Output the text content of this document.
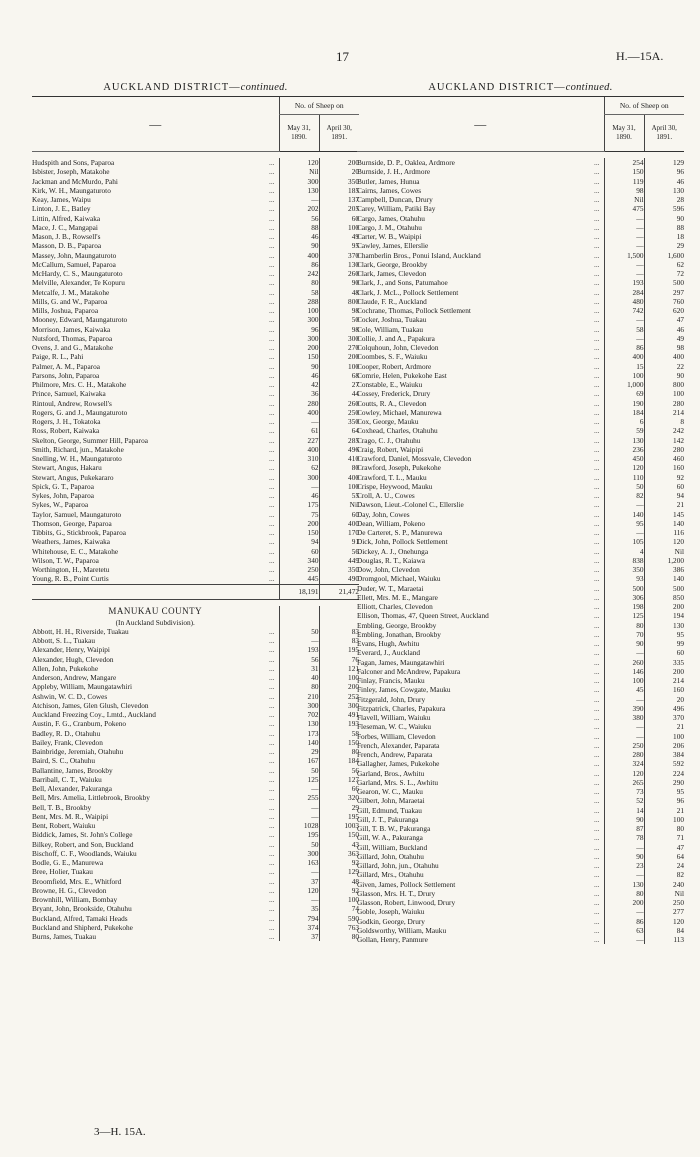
17	H.—15A.
AUCKLAND DISTRICT—continued.
—		No. of Sheep on	

		May 31,
1890.	April 30,
1891.

Hudspith and Sons, Paparoa	...	120	200
Isbister, Joseph, Matakohe	...	Nil	20
Jackman and McMurdo, Pahi	...	300	350
Kirk, W. H., Maungaturoto	...	130	185
Keay, James, Waipu	...	—	137
Linton, J. E., Batley	...	202	205
Littin, Alfred, Kaiwaka	...	56	60
Mace, J. C., Mangapai	...	88	100
Mason, J. B., Rowsell's	...	46	49
Masson, D. B., Paparoa	...	90	95
Massey, John, Maungaturoto	...	400	370
McCallum, Samuel, Paparoa	...	86	130
McHardy, C. S., Maungaturoto	...	242	260
Melville, Alexander, Te Kopuru	...	80	90
Metcalfe, J. M., Matakohe	...	58	48
Mills, G. and W., Paparoa	...	288	800
Mills, Joshua, Paparoa	...	100	98
Mooney, Edward, Maungaturoto	...	300	50
Morrison, James, Kaiwaka	...	96	98
Nutsford, Thomas, Paparoa	...	300	300
Ovens, J. and G., Matakohe	...	200	270
Paige, R. L., Pahi	...	150	200
Palmer, A. M., Paparoa	...	90	100
Parsons, John, Paparoa	...	46	68
Philmore, Mrs. C. H., Matakohe	...	42	27
Prince, Samuel, Kaiwaka	...	36	44
Rintoul, Andrew, Rowsell's	...	280	260
Rogers, G. and J., Maungaturoto	...	400	250
Rogers, J. H., Tokatoka	...	—	350
Ross, Robert, Kaiwaka	...	61	64
Skelton, George, Summer Hill, Paparoa	...	227	285
Smith, Richard, jun., Matakohe	...	400	496
Snelling, W. H., Maungaturoto	...	310	410
Stewart, Angus, Hakaru	...	62	80
Stewart, Angus, Pukekararo	...	300	400
Spick, G. T., Paparoa	...	—	100
Sykes, John, Paparoa	...	46	55
Sykes, W., Paparoa	...	175	Nil
Taylor, Samuel, Maungaturoto	...	75	60
Thomson, George, Paparoa	...	200	400
Tibbits, G., Stickbrook, Paparoa	...	150	170
Weathers, James, Kaiwaka	...	94	91
Whitehouse, E. C., Matakohe	...	60	56
Wilson, T. W., Paparoa	...	340	449
Worthington, H., Maretetu	...	250	350
Young, R. B., Point Curtis	...	445	490
		18,191	21,472

MANUKAU COUNTY			
(In Auckland Subdivision).			
Abbott, H. H., Riverside, Tuakau	...	50	83
Abbott, S. L., Tuakau	...	—	83
Alexander, Henry, Waipipi	...	193	195
Alexander, Hugh, Clevedon	...	56	76
Allen, John, Pukekohe	...	31	121
Anderson, Andrew, Mangare	...	40	100
Appleby, William, Maungatawhiri	...	80	200
Ashwin, W. C. D., Cowes	...	210	252
Atchison, James, Glen Glush, Clevedon	...	300	300
Auckland Freezing Coy., Lmtd., Auckland	...	702	491
Austin, F. G., Cranburn, Pokeno	...	130	193
Badley, R. D., Otahuhu	...	173	58
Bailey, Frank, Clevedon	...	140	150
Bainbridge, Jeremiah, Otahuhu	...	29	80
Baird, S. C., Otahuhu	...	167	184
Ballantine, James, Brookby	...	50	56
Barriball, C. T., Waiuku	...	125	127
Bell, Alexander, Pakuranga	...	—	66
Bell, Mrs. Amelia, Littlebrook, Brookby	...	255	320
Bell, T. B., Brookby	...	—	29
Bent, Mrs. M. R., Waipipi	...	—	195
Bent, Robert, Waiuku	...	1028	1003
Biddick, James, St. John's College	...	195	150
Bilkey, Robert, and Son, Buckland	...	50	43
Bischoff, C. F., Woodlands, Waiuku	...	300	363
Bodle, G. E., Manurewa	...	163	92
Bree, Holier, Tuakau	...	—	129
Broomfield, Mrs. E., Whitford	...	37	48
Browne, H. G., Clevedon	...	120	92
Brownhill, William, Bombay	...	—	100
Bryant, John, Brookside, Otahuhu	...	35	74
Buckland, Alfred, Tamaki Heads	...	794	590
Buckland and Shipherd, Pukekohe	...	374	763
Burns, James, Tuakau	...	37	80
AUCKLAND DISTRICT—continued.
—		No. of Sheep on	

		May 31,
1890.	April 30,
1891.

Burnside, D. P., Oaklea, Ardmore	...	254	129
Burnside, J. H., Ardmore	...	150	96
Butler, James, Hunua	...	119	46
Cairns, James, Cowes	...	98	130
Campbell, Duncan, Drury	...	Nil	28
Carey, William, Patiki Bay	...	475	596
Cargo, James, Otahuhu	...	—	90
Cargo, J. M., Otahuhu	...	—	88
Carter, W. B., Waipipi	...	—	18
Cawley, James, Ellerslie	...	—	29
Chamberlin Bros., Ponui Island, Auckland	...	1,500	1,600
Clark, George, Brookby	...	—	62
Clark, James, Clevedon	...	—	72
Clark, J., and Sons, Patumahoe	...	193	500
Clark, J. McL., Pollock Settlement	...	284	297
Claude, F. R., Auckland	...	480	760
Cochrane, Thomas, Pollock Settlement	...	742	620
Cocker, Joshua, Tuakau	...	—	47
Cole, William, Tuakau	...	58	46
Collie, J. and A., Papakura	...	—	49
Colquhoun, John, Clevedon	...	86	98
Coombes, S. F., Waiuku	...	400	400
Cooper, Robert, Ardmore	...	15	22
Comrie, Helen, Pukekohe East	...	100	90
Constable, E., Waiuku	...	1,000	800
Cossey, Frederick, Drury	...	69	100
Coutts, R. A., Clevedon	...	190	280
Cowley, Michael, Manurewa	...	184	214
Cox, George, Mauku	...	6	8
Coxhead, Charles, Otahuhu	...	59	242
Crago, C. J., Otahuhu	...	130	142
Craig, Robert, Waipipi	...	236	280
Crawford, Daniel, Mossvale, Clevedon	...	450	460
Crawford, Joseph, Pukekohe	...	120	160
Crawford, T. L., Mauku	...	110	92
Crispe, Heywood, Mauku	...	50	60
Croll, A. U., Cowes	...	82	94
Dawson, Lieut.-Colonel C., Ellerslie	...	—	21
Day, John, Cowes	...	140	145
Dean, William, Pokeno	...	95	140
De Carteret, S. P., Manurewa	...	—	116
Dick, John, Pollock Settlement	...	105	120
Dickey, A. J., Onehunga	...	4	Nil
Douglas, R. T., Kaiawa	...	838	1,200
Dow, John, Clevedon	...	350	386
Dromgool, Michael, Waiuku	...	93	140
Duder, W. T., Maraetai	...	500	500
Ellett, Mrs. M. E., Mangare	...	306	850
Elliott, Charles, Clevedon	...	198	200
Ellison, Thomas, 47, Queen Street, Auckland	...	125	194
Embling, George, Brookby	...	80	130
Embling, Jonathan, Brookby	...	70	95
Evans, Hugh, Awhitu	...	90	99
Everard, J., Auckland	...	—	60
Fagan, James, Maungatawhiri	...	260	335
Falconer and McAndrew, Papakura	...	146	200
Finlay, Francis, Mauku	...	100	214
Finley, James, Cowgate, Mauku	...	45	160
Fitzgerald, John, Drury	...	—	20
Fitzpatrick, Charles, Papakura	...	390	496
Flavell, William, Waiuku	...	380	370
Fleseman, W. C., Waiuku	...	—	21
Forbes, William, Clevedon	...	—	100
French, Alexander, Paparata	...	250	206
French, Andrew, Paparata	...	280	384
Gallagher, James, Pukekohe	...	324	592
Garland, Bros., Awhitu	...	120	224
Garland, Mrs. S. L., Awhitu	...	265	290
Gearon, W. C., Mauku	...	73	95
Gilbert, John, Maraetai	...	52	96
Gill, Edmund, Tuakau	...	14	21
Gill, J. T., Pakuranga	...	90	100
Gill, T. B. W., Pakuranga	...	87	80
Gill, W. A., Pakuranga	...	78	71
Gill, William, Buckland	...	—	47
Gillard, John, Otahuhu	...	90	64
Gillard, John, jun., Otahuhu	...	23	24
Gillard, Mrs., Otahuhu	...	—	82
Given, James, Pollock Settlement	...	130	240
Glasson, Mrs. H. T., Drury	...	80	Nil
Glasson, Robert, Linwood, Drury	...	200	250
Goble, Joseph, Waiuku	...	—	277
Godkin, George, Drury	...	86	120
Goldsworthy, William, Mauku	...	63	84
Gollan, Henry, Panmure	...	—	113
3—H. 15A.
